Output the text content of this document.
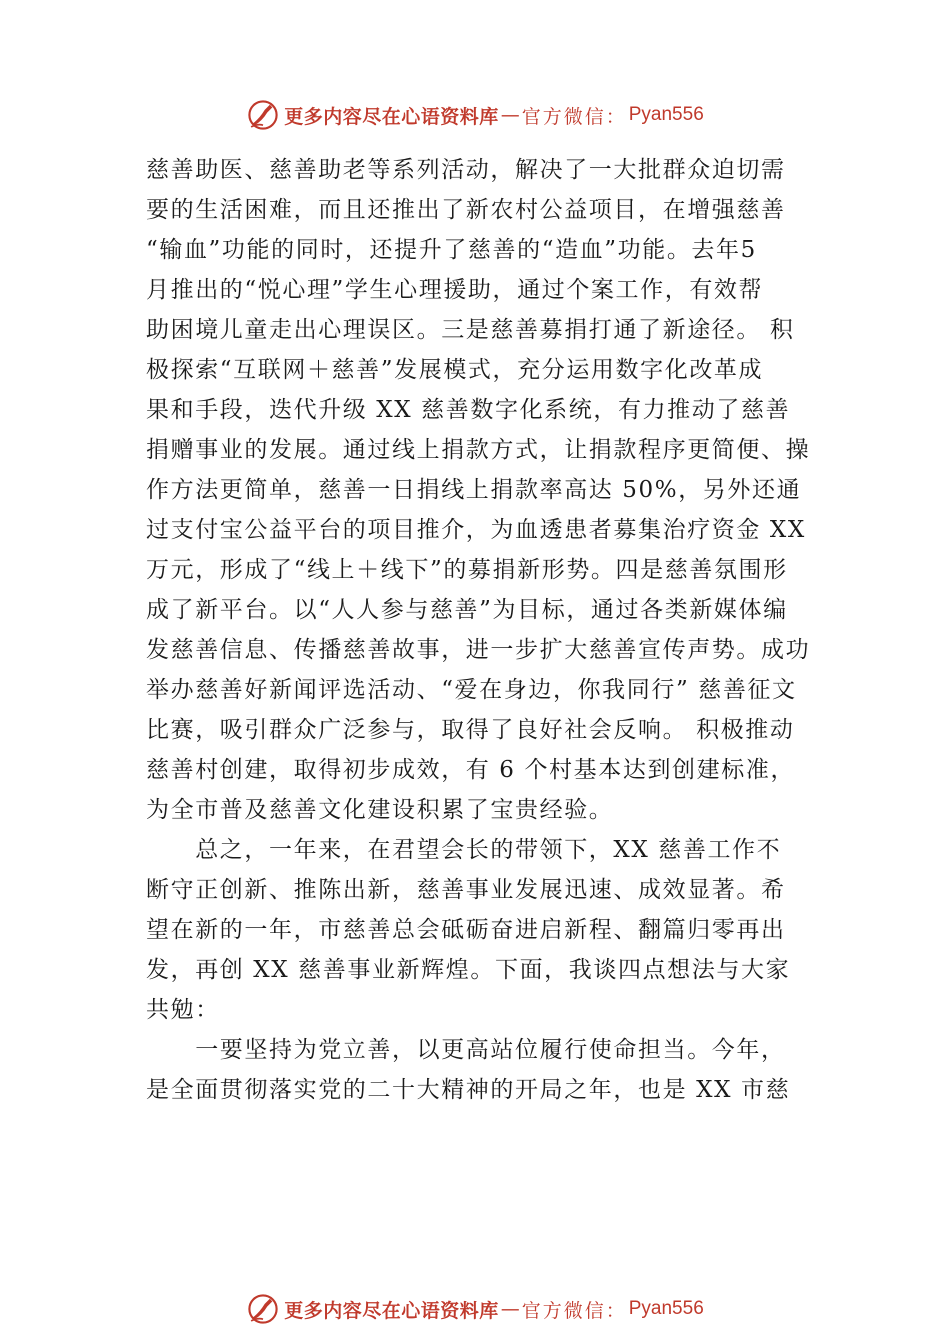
更多内容尽在心语资料库 — 官方微信： Pyan556
慈善助医、慈善助老等系列活动，解决了一大批群众迫切需
要的生活困难，而且还推出了新农村公益项目，在增强慈善
“输血”功能的同时，还提升了慈善的“造血”功能。去年5
月推出的“悦心理”学生心理援助，通过个案工作，有效帮
助困境儿童走出心理误区。三是慈善募捐打通了新途径。 积
极探索“互联网＋慈善”发展模式，充分运用数字化改革成
果和手段，迭代升级 XX 慈善数字化系统，有力推动了慈善
捐赠事业的发展。通过线上捐款方式，让捐款程序更简便、操
作方法更简单，慈善一日捐线上捐款率高达 50%，另外还通
过支付宝公益平台的项目推介，为血透患者募集治疗资金 XX
万元，形成了“线上＋线下”的募捐新形势。四是慈善氛围形
成了新平台。以“人人参与慈善”为目标，通过各类新媒体编
发慈善信息、传播慈善故事，进一步扩大慈善宣传声势。成功
举办慈善好新闻评选活动、“爱在身边，你我同行” 慈善征文
比赛，吸引群众广泛参与，取得了良好社会反响。 积极推动
慈善村创建，取得初步成效，有 6 个村基本达到创建标准，
为全市普及慈善文化建设积累了宝贵经验。
　　总之，一年来，在君望会长的带领下，XX 慈善工作不
断守正创新、推陈出新，慈善事业发展迅速、成效显著。希
望在新的一年，市慈善总会砥砺奋进启新程、翻篇归零再出
发，再创 XX 慈善事业新辉煌。下面，我谈四点想法与大家
共勉：
　　一要坚持为党立善，以更高站位履行使命担当。今年，
是全面贯彻落实党的二十大精神的开局之年，也是 XX 市慈
更多内容尽在心语资料库 — 官方微信： Pyan556
